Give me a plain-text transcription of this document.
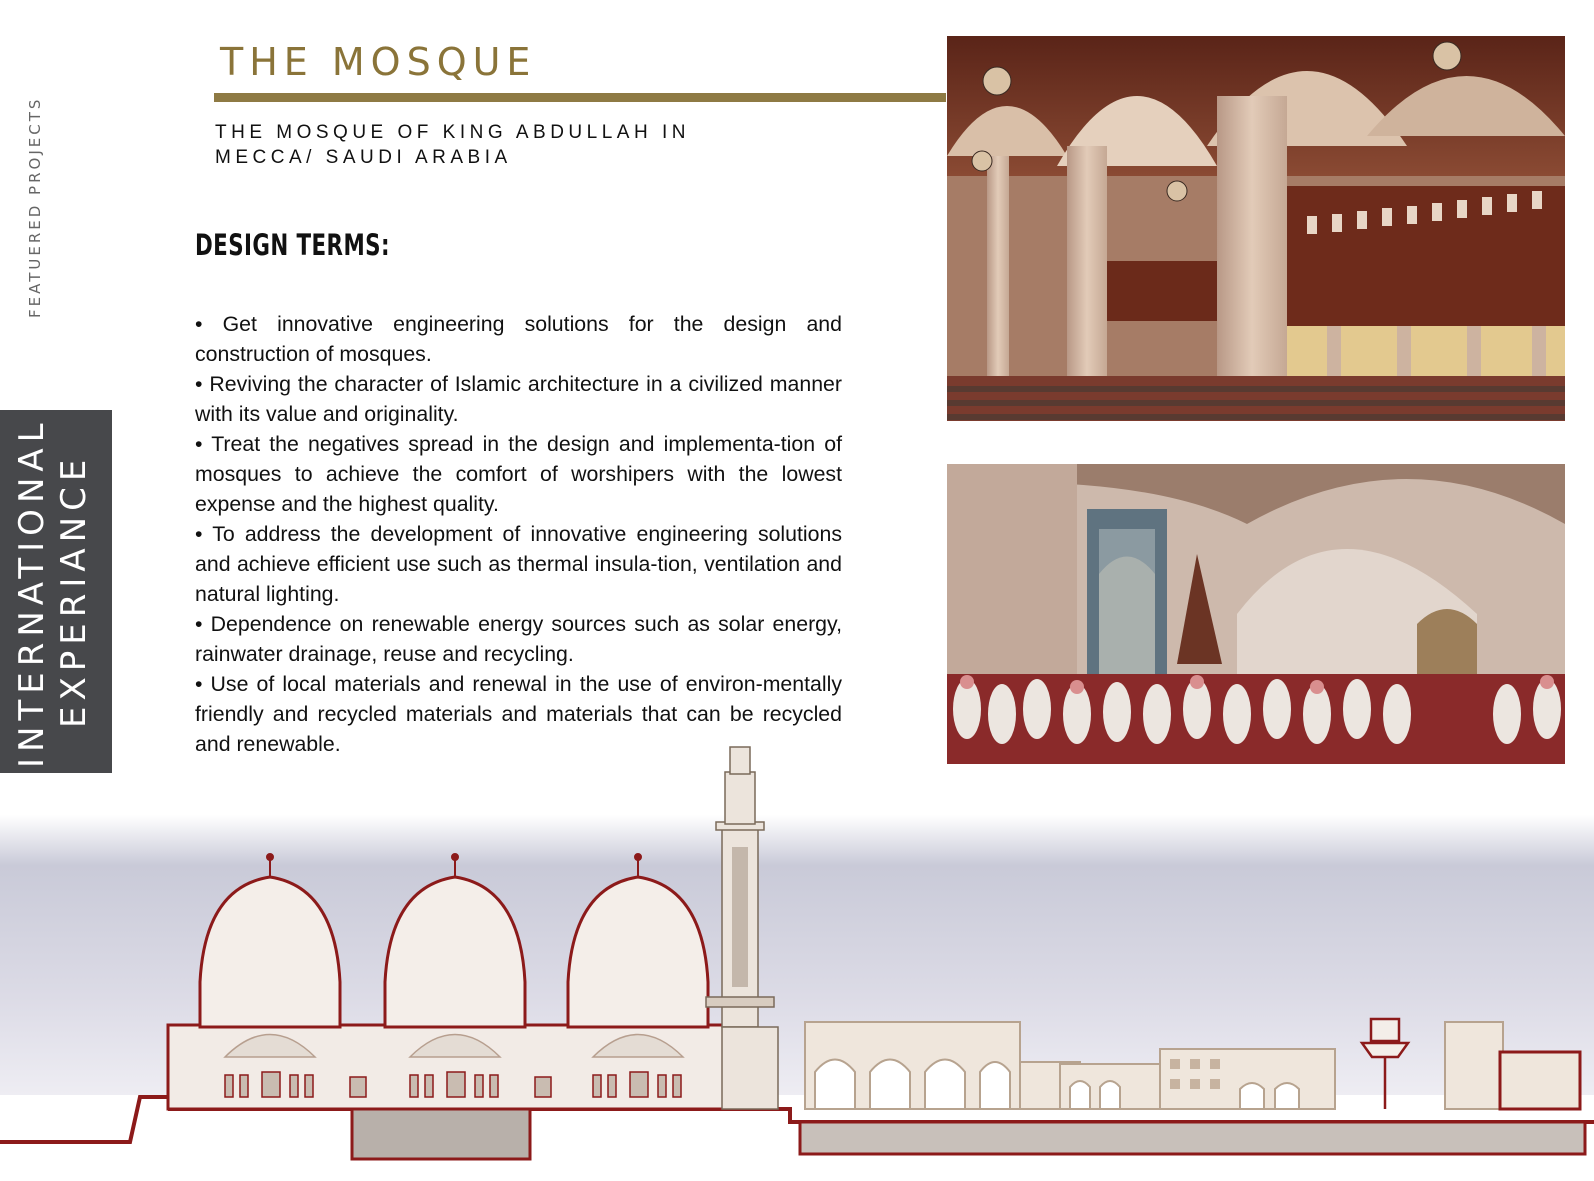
FEATUERED PROJECTS
INTERNATIONAL EXPERIANCE
THE MOSQUE
THE MOSQUE OF KING ABDULLAH IN
MECCA/ SAUDI ARABIA
DESIGN TERMS:

• Get innovative engineering solutions for the design and construction of mosques.

• Reviving the character of Islamic architecture in a civilized manner with its value and originality.

• Treat the negatives spread in the design and implementa-tion of mosques to achieve the comfort of worshipers with the lowest expense and the highest quality.

• To address the development of innovative engineering solutions and achieve efficient use such as thermal insula-tion, ventilation and natural lighting.

• Dependence on renewable energy sources such as solar energy, rainwater drainage, reuse and recycling.

• Use of local materials and renewal in the use of environ-mentally friendly and recycled materials and materials that can be recycled and renewable.
